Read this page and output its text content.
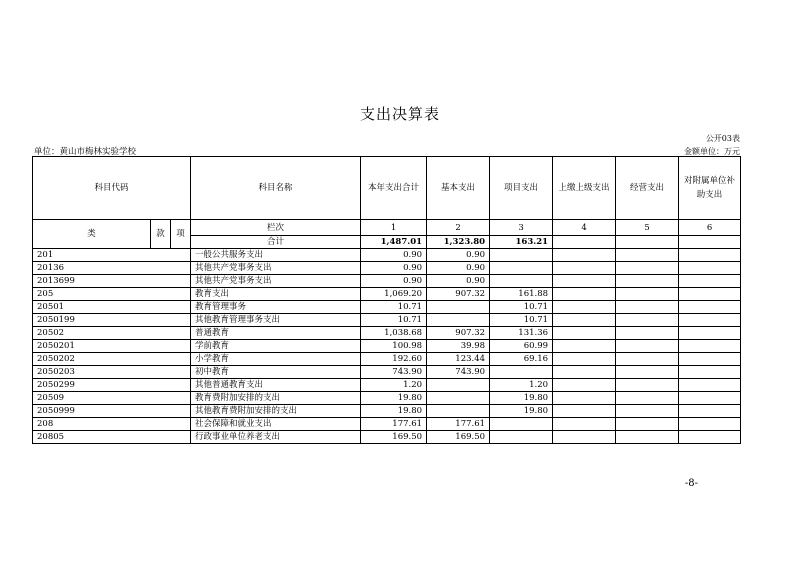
支出决算表
公开03表
单位：黄山市梅林实验学校	金额单位：万元
科目代码			科目名称	本年支出合计	基本支出	项目支出	上缴上级支出	经营支出	对附属单位补助支出
类	款	项	栏次	1	2	3	4	5	6
			合计	1,487.01	1,323.80	163.21			
201			一般公共服务支出	0.90	0.90				
20136			其他共产党事务支出	0.90	0.90				
2013699			其他共产党事务支出	0.90	0.90				
205			教育支出	1,069.20	907.32	161.88			
20501			教育管理事务	10.71		10.71			
2050199			其他教育管理事务支出	10.71		10.71			
20502			普通教育	1,038.68	907.32	131.36			
2050201			学前教育	100.98	39.98	60.99			
2050202			小学教育	192.60	123.44	69.16			
2050203			初中教育	743.90	743.90				
2050299			其他普通教育支出	1.20		1.20			
20509			教育费附加安排的支出	19.80		19.80			
2050999			其他教育费附加安排的支出	19.80		19.80			
208			社会保障和就业支出	177.61	177.61				
20805			行政事业单位养老支出	169.50	169.50				
-8-
